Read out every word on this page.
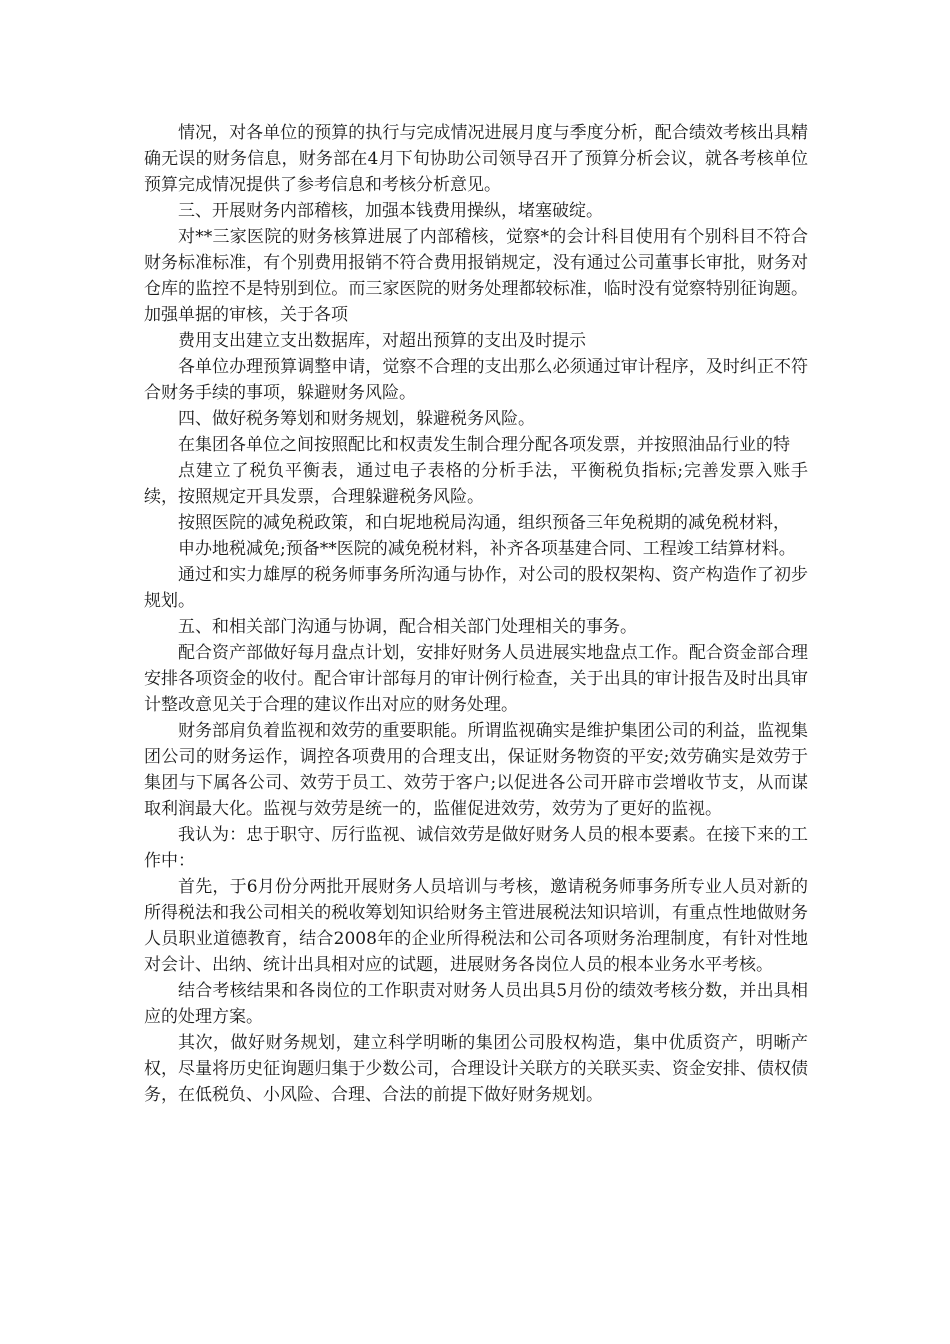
情况，对各单位的预算的执行与完成情况进展月度与季度分析，配合绩效考核出具精确无误的财务信息，财务部在4月下旬协助公司领导召开了预算分析会议，就各考核单位预算完成情况提供了参考信息和考核分析意见。

三、开展财务内部稽核，加强本钱费用操纵，堵塞破绽。

对**三家医院的财务核算进展了内部稽核，觉察*的会计科目使用有个别科目不符合财务标准标准，有个别费用报销不符合费用报销规定，没有通过公司董事长审批，财务对仓库的监控不是特别到位。而三家医院的财务处理都较标准，临时没有觉察特别征询题。加强单据的审核，关于各项

费用支出建立支出数据库，对超出预算的支出及时提示

各单位办理预算调整申请，觉察不合理的支出那么必须通过审计程序，及时纠正不符合财务手续的事项，躲避财务风险。

四、做好税务筹划和财务规划，躲避税务风险。

在集团各单位之间按照配比和权责发生制合理分配各项发票，并按照油品行业的特

点建立了税负平衡表，通过电子表格的分析手法，平衡税负指标;完善发票入账手续，按照规定开具发票，合理躲避税务风险。

按照医院的减免税政策，和白坭地税局沟通，组织预备三年免税期的减免税材料，

申办地税减免;预备**医院的减免税材料，补齐各项基建合同、工程竣工结算材料。

通过和实力雄厚的税务师事务所沟通与协作，对公司的股权架构、资产构造作了初步规划。

五、和相关部门沟通与协调，配合相关部门处理相关的事务。

配合资产部做好每月盘点计划，安排好财务人员进展实地盘点工作。配合资金部合理安排各项资金的收付。配合审计部每月的审计例行检查，关于出具的审计报告及时出具审计整改意见关于合理的建议作出对应的财务处理。

财务部肩负着监视和效劳的重要职能。所谓监视确实是维护集团公司的利益，监视集团公司的财务运作，调控各项费用的合理支出，保证财务物资的平安;效劳确实是效劳于集团与下属各公司、效劳于员工、效劳于客户;以促进各公司开辟市尝增收节支，从而谋取利润最大化。监视与效劳是统一的，监催促进效劳，效劳为了更好的监视。

我认为：忠于职守、厉行监视、诚信效劳是做好财务人员的根本要素。在接下来的工作中：

首先，于6月份分两批开展财务人员培训与考核，邀请税务师事务所专业人员对新的所得税法和我公司相关的税收筹划知识给财务主管进展税法知识培训，有重点性地做财务人员职业道德教育，结合2008年的企业所得税法和公司各项财务治理制度，有针对性地对会计、出纳、统计出具相对应的试题，进展财务各岗位人员的根本业务水平考核。

结合考核结果和各岗位的工作职责对财务人员出具5月份的绩效考核分数，并出具相应的处理方案。

其次，做好财务规划，建立科学明晰的集团公司股权构造，集中优质资产，明晰产权，尽量将历史征询题归集于少数公司，合理设计关联方的关联买卖、资金安排、债权债务，在低税负、小风险、合理、合法的前提下做好财务规划。
